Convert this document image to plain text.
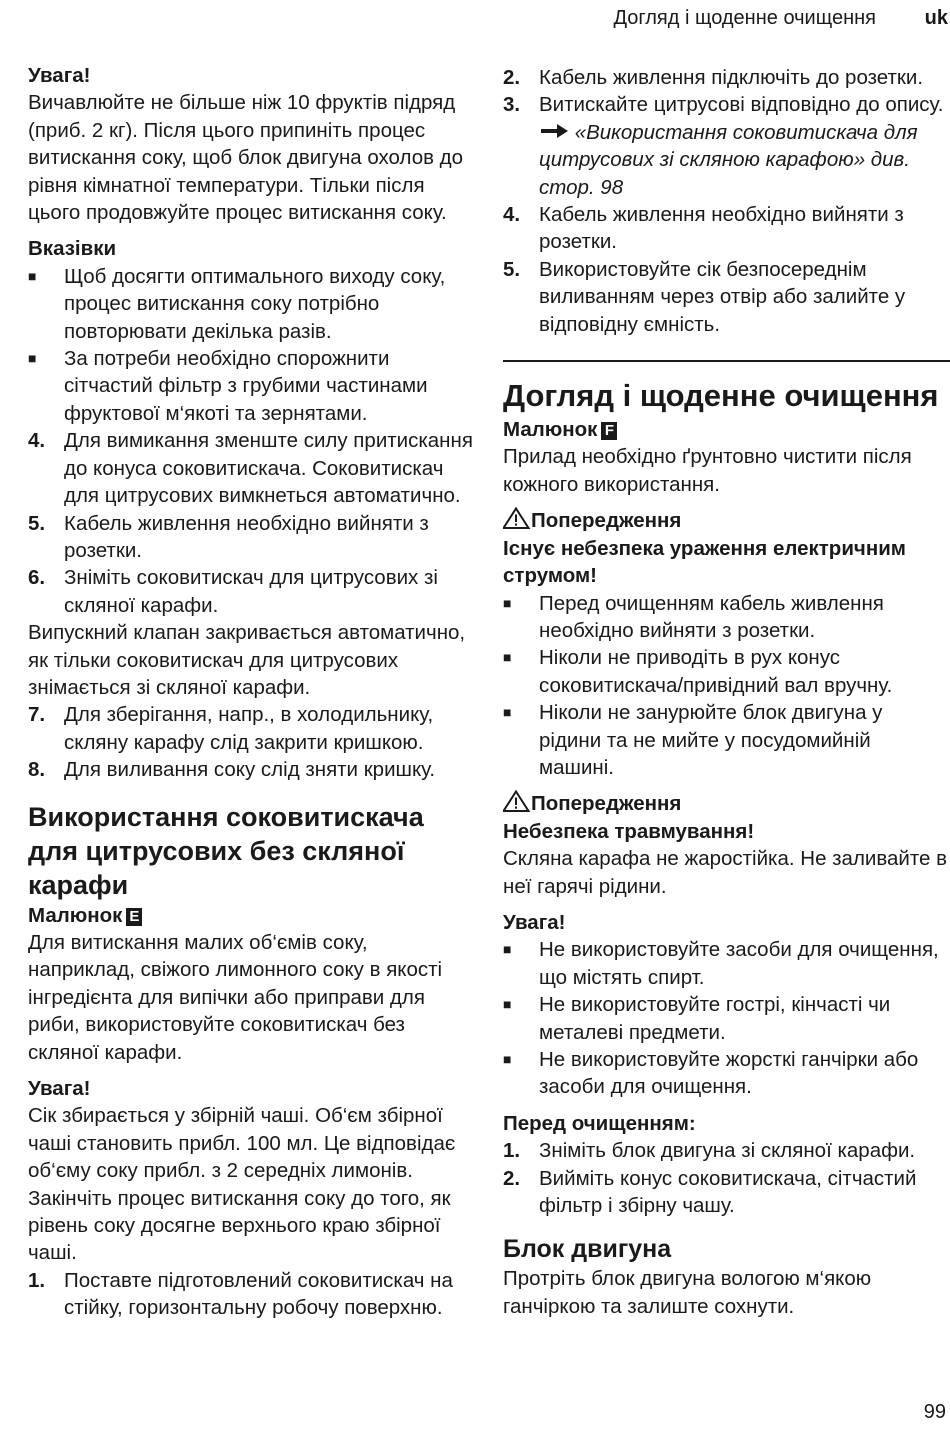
Догляд і щоденне очищення uk

Увага!

Вичавлюйте не більше ніж 10 фруктів підряд (приб. 2 кг). Після цього припиніть процес витискання соку, щоб блок двигуна охолов до рівня кімнатної температури. Тільки після цього продовжуйте процес витискання соку.

Вказівки

■ Щоб досягти оптимального виходу соку, процес витискання соку потрібно повторювати декілька разів.
■ За потреби необхідно спорожнити сітчастий фільтр з грубими частинами фруктової м‘якоті та зернятами.
4. Для вимикання зменште силу притискання до конуса соковитискача. Соковитискач для цитрусових вимкнеться автоматично.
5. Кабель живлення необхідно вийняти з розетки.
6. Зніміть соковитискач для цитрусових зі скляної карафи.

Випускний клапан закривається автоматично, як тільки соковитискач для цитрусових знімається зі скляної карафи.

7. Для зберігання, напр., в холодильнику, скляну карафу слід закрити кришкою.
8. Для виливання соку слід зняти кришку.

Використання соковитискача для цитрусових без скляної карафи

Малюнок E

Для витискання малих об‘ємів соку, наприклад, свіжого лимонного соку в якості інгредієнта для випічки або приправи для риби, використовуйте соковитискач без скляної карафи.

Увага!

Сік збирається у збірній чаші. Об‘єм збірної чаші становить прибл. 100 мл. Це відповідає об‘єму соку прибл. з 2 середніх лимонів. Закінчіть процес витискання соку до того, як рівень соку досягне верхнього краю збірної чаші.

1. Поставте підготовлений соковитискач на стійку, горизонтальну робочу поверхню.
2. Кабель живлення підключіть до розетки.
3. Витискайте цитрусові відповідно до опису.  «Використання соковитискача для цитрусових зі скляною карафою» див. стор. 98
4. Кабель живлення необхідно вийняти з розетки.
5. Використовуйте сік безпосереднім виливанням через отвір або залийте у відповідну ємність.

Догляд і щоденне очищення

Малюнок F

Прилад необхідно ґрунтовно чистити після кожного використання.

Попередження

Існує небезпека ураження електричним струмом!

■ Перед очищенням кабель живлення необхідно вийняти з розетки.
■ Ніколи не приводіть в рух конус соковитискача/привідний вал вручну.
■ Ніколи не занурюйте блок двигуна у рідини та не мийте у посудомийній машині.

Попередження

Небезпека травмування!

Скляна карафа не жаростійка. Не заливайте в неї гарячі рідини.

Увага!

■ Не використовуйте засоби для очищення, що містять спирт.
■ Не використовуйте гострі, кінчасті чи металеві предмети.
■ Не використовуйте жорсткі ганчірки або засоби для очищення.

Перед очищенням:

1. Зніміть блок двигуна зі скляної карафи.
2. Вийміть конус соковитискача, сітчастий фільтр і збірну чашу.

Блок двигуна

Протріть блок двигуна вологою м‘якою ганчіркою та залиште сохнути.

99
